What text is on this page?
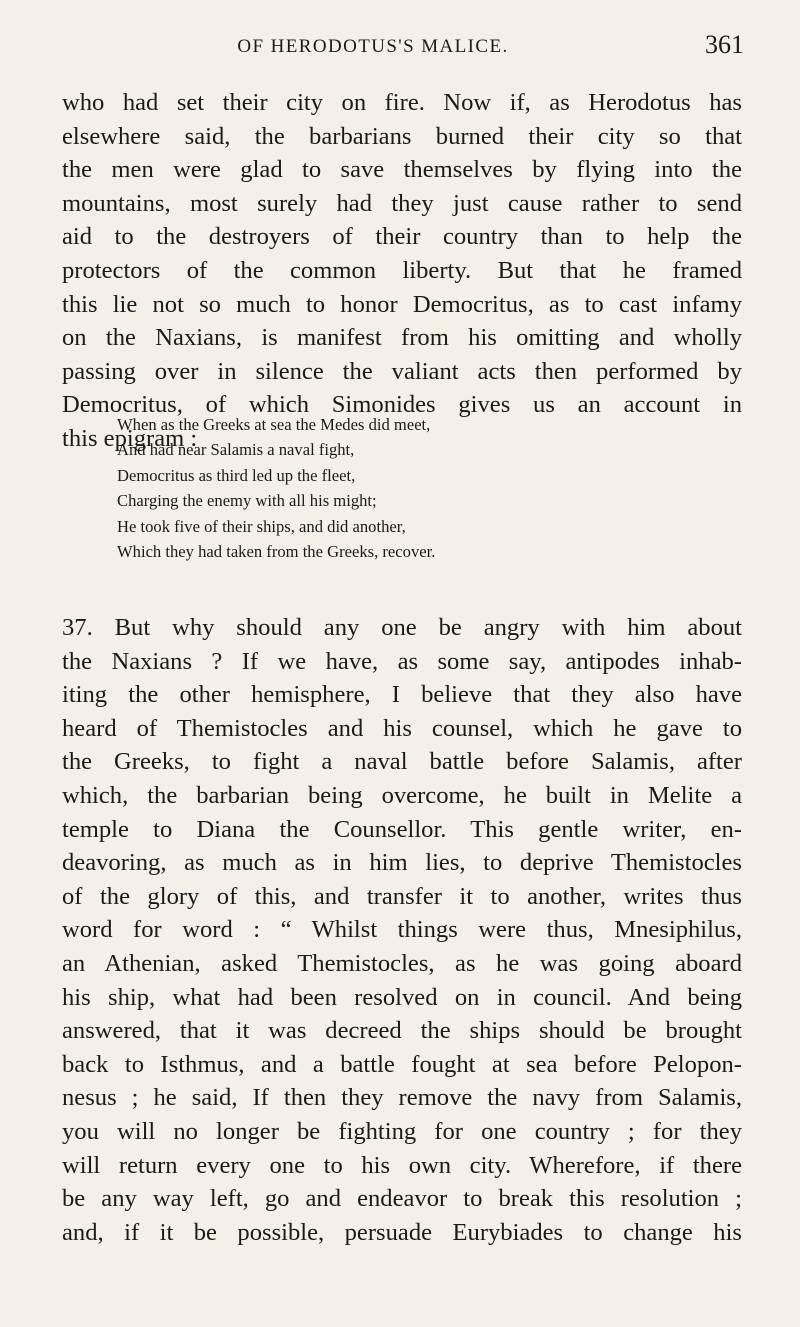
OF HERODOTUS'S MALICE.	361

who had set their city on fire. Now if, as Herodotus has
elsewhere said, the barbarians burned their city so that
the men were glad to save themselves by flying into the
mountains, most surely had they just cause rather to send
aid to the destroyers of their country than to help the
protectors of the common liberty. But that he framed
this lie not so much to honor Democritus, as to cast infamy
on the Naxians, is manifest from his omitting and wholly
passing over in silence the valiant acts then performed by
Democritus, of which Simonides gives us an account in
this epigram :

When as the Greeks at sea the Medes did meet,
And had near Salamis a naval fight,
Democritus as third led up the fleet,
Charging the enemy with all his might;
He took five of their ships, and did another,
Which they had taken from the Greeks, recover.

37. But why should any one be angry with him about
the Naxians ? If we have, as some say, antipodes inhab-
iting the other hemisphere, I believe that they also have
heard of Themistocles and his counsel, which he gave to
the Greeks, to fight a naval battle before Salamis, after
which, the barbarian being overcome, he built in Melite a
temple to Diana the Counsellor. This gentle writer, en-
deavoring, as much as in him lies, to deprive Themistocles
of the glory of this, and transfer it to another, writes thus
word for word : “ Whilst things were thus, Mnesiphilus,
an Athenian, asked Themistocles, as he was going aboard
his ship, what had been resolved on in council. And being
answered, that it was decreed the ships should be brought
back to Isthmus, and a battle fought at sea before Pelopon-
nesus ; he said, If then they remove the navy from Salamis,
you will no longer be fighting for one country ; for they
will return every one to his own city. Wherefore, if there
be any way left, go and endeavor to break this resolution ;
and, if it be possible, persuade Eurybiades to change his
